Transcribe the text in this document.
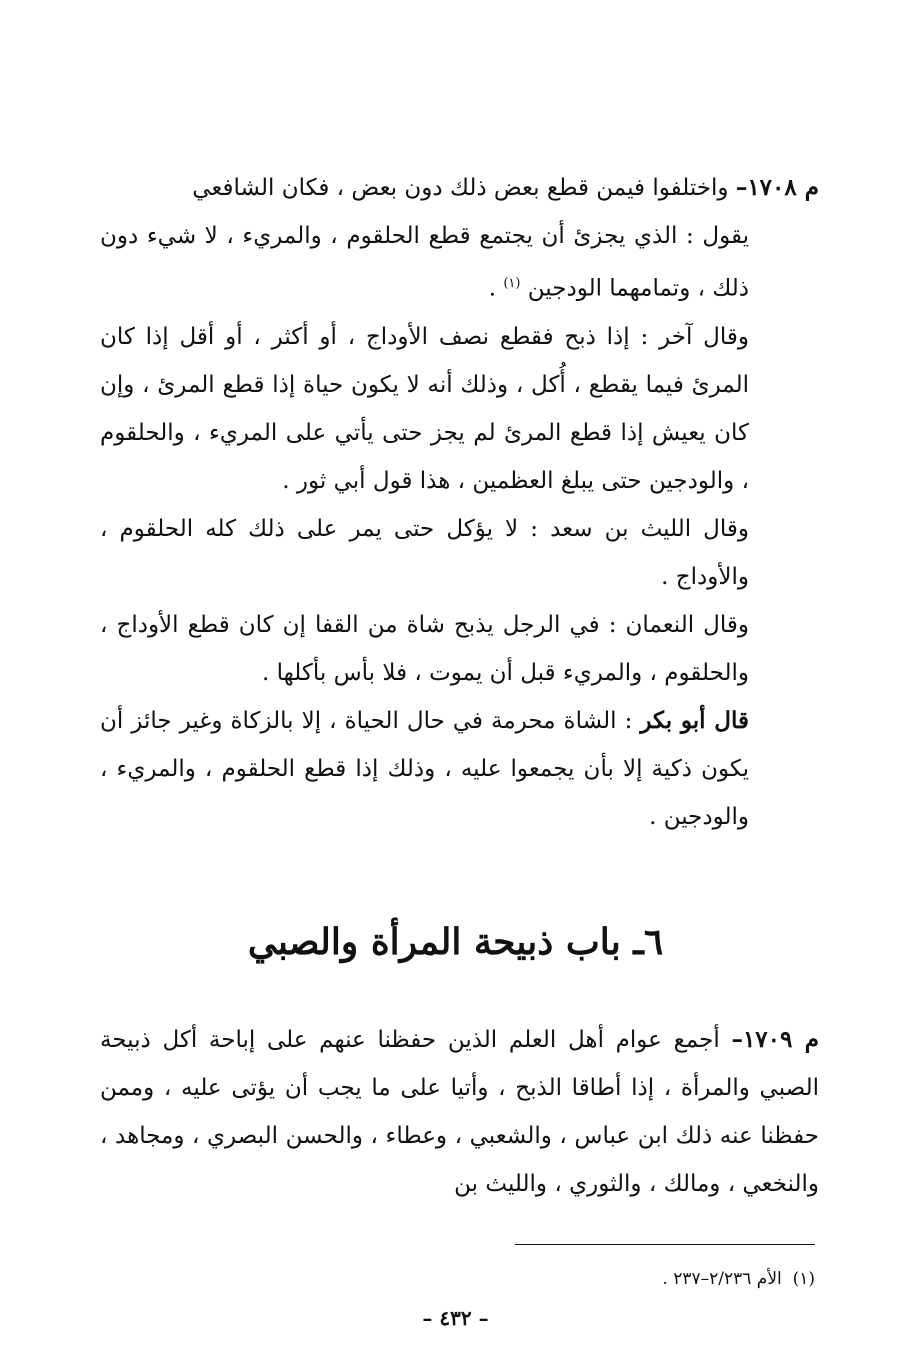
م ١٧٠٨– واختلفوا فيمن قطع بعض ذلك دون بعض ، فكان الشافعي

يقول : الذي يجزئ أن يجتمع قطع الحلقوم ، والمريء ، لا شيء دون ذلك ، وتمامهما الودجين $^{(١)}$ .

وقال آخر : إذا ذبح فقطع نصف الأوداج ، أو أكثر ، أو أقل إذا كان المرئ فيما يقطع ، أُكل ، وذلك أنه لا يكون حياة إذا قطع المرئ ، وإن كان يعيش إذا قطع المرئ لم يجز حتى يأتي على المريء ، والحلقوم ، والودجين حتى يبلغ العظمين ، هذا قول أبي ثور .

وقال الليث بن سعد : لا يؤكل حتى يمر على ذلك كله الحلقوم ، والأوداج .

وقال النعمان : في الرجل يذبح شاة من القفا إن كان قطع الأوداج ، والحلقوم ، والمريء قبل أن يموت ، فلا بأس بأكلها .

قال أبو بكر : الشاة محرمة في حال الحياة ، إلا بالزكاة وغير جائز أن يكون ذكية إلا بأن يجمعوا عليه ، وذلك إذا قطع الحلقوم ، والمريء ، والودجين .

٦ـ باب ذبيحة المرأة والصبي

م ١٧٠٩– أجمع عوام أهل العلم الذين حفظنا عنهم على إباحة أكل ذبيحة الصبي والمرأة ، إذا أطاقا الذبح ، وأتيا على ما يجب أن يؤتى عليه ، وممن حفظنا عنه ذلك ابن عباس ، والشعبي ، وعطاء ، والحسن البصري ، ومجاهد ، والنخعي ، ومالك ، والثوري ، والليث بن

(١)  الأم ٢/٢٣٦–٢٣٧ .
– ٤٣٢ –
